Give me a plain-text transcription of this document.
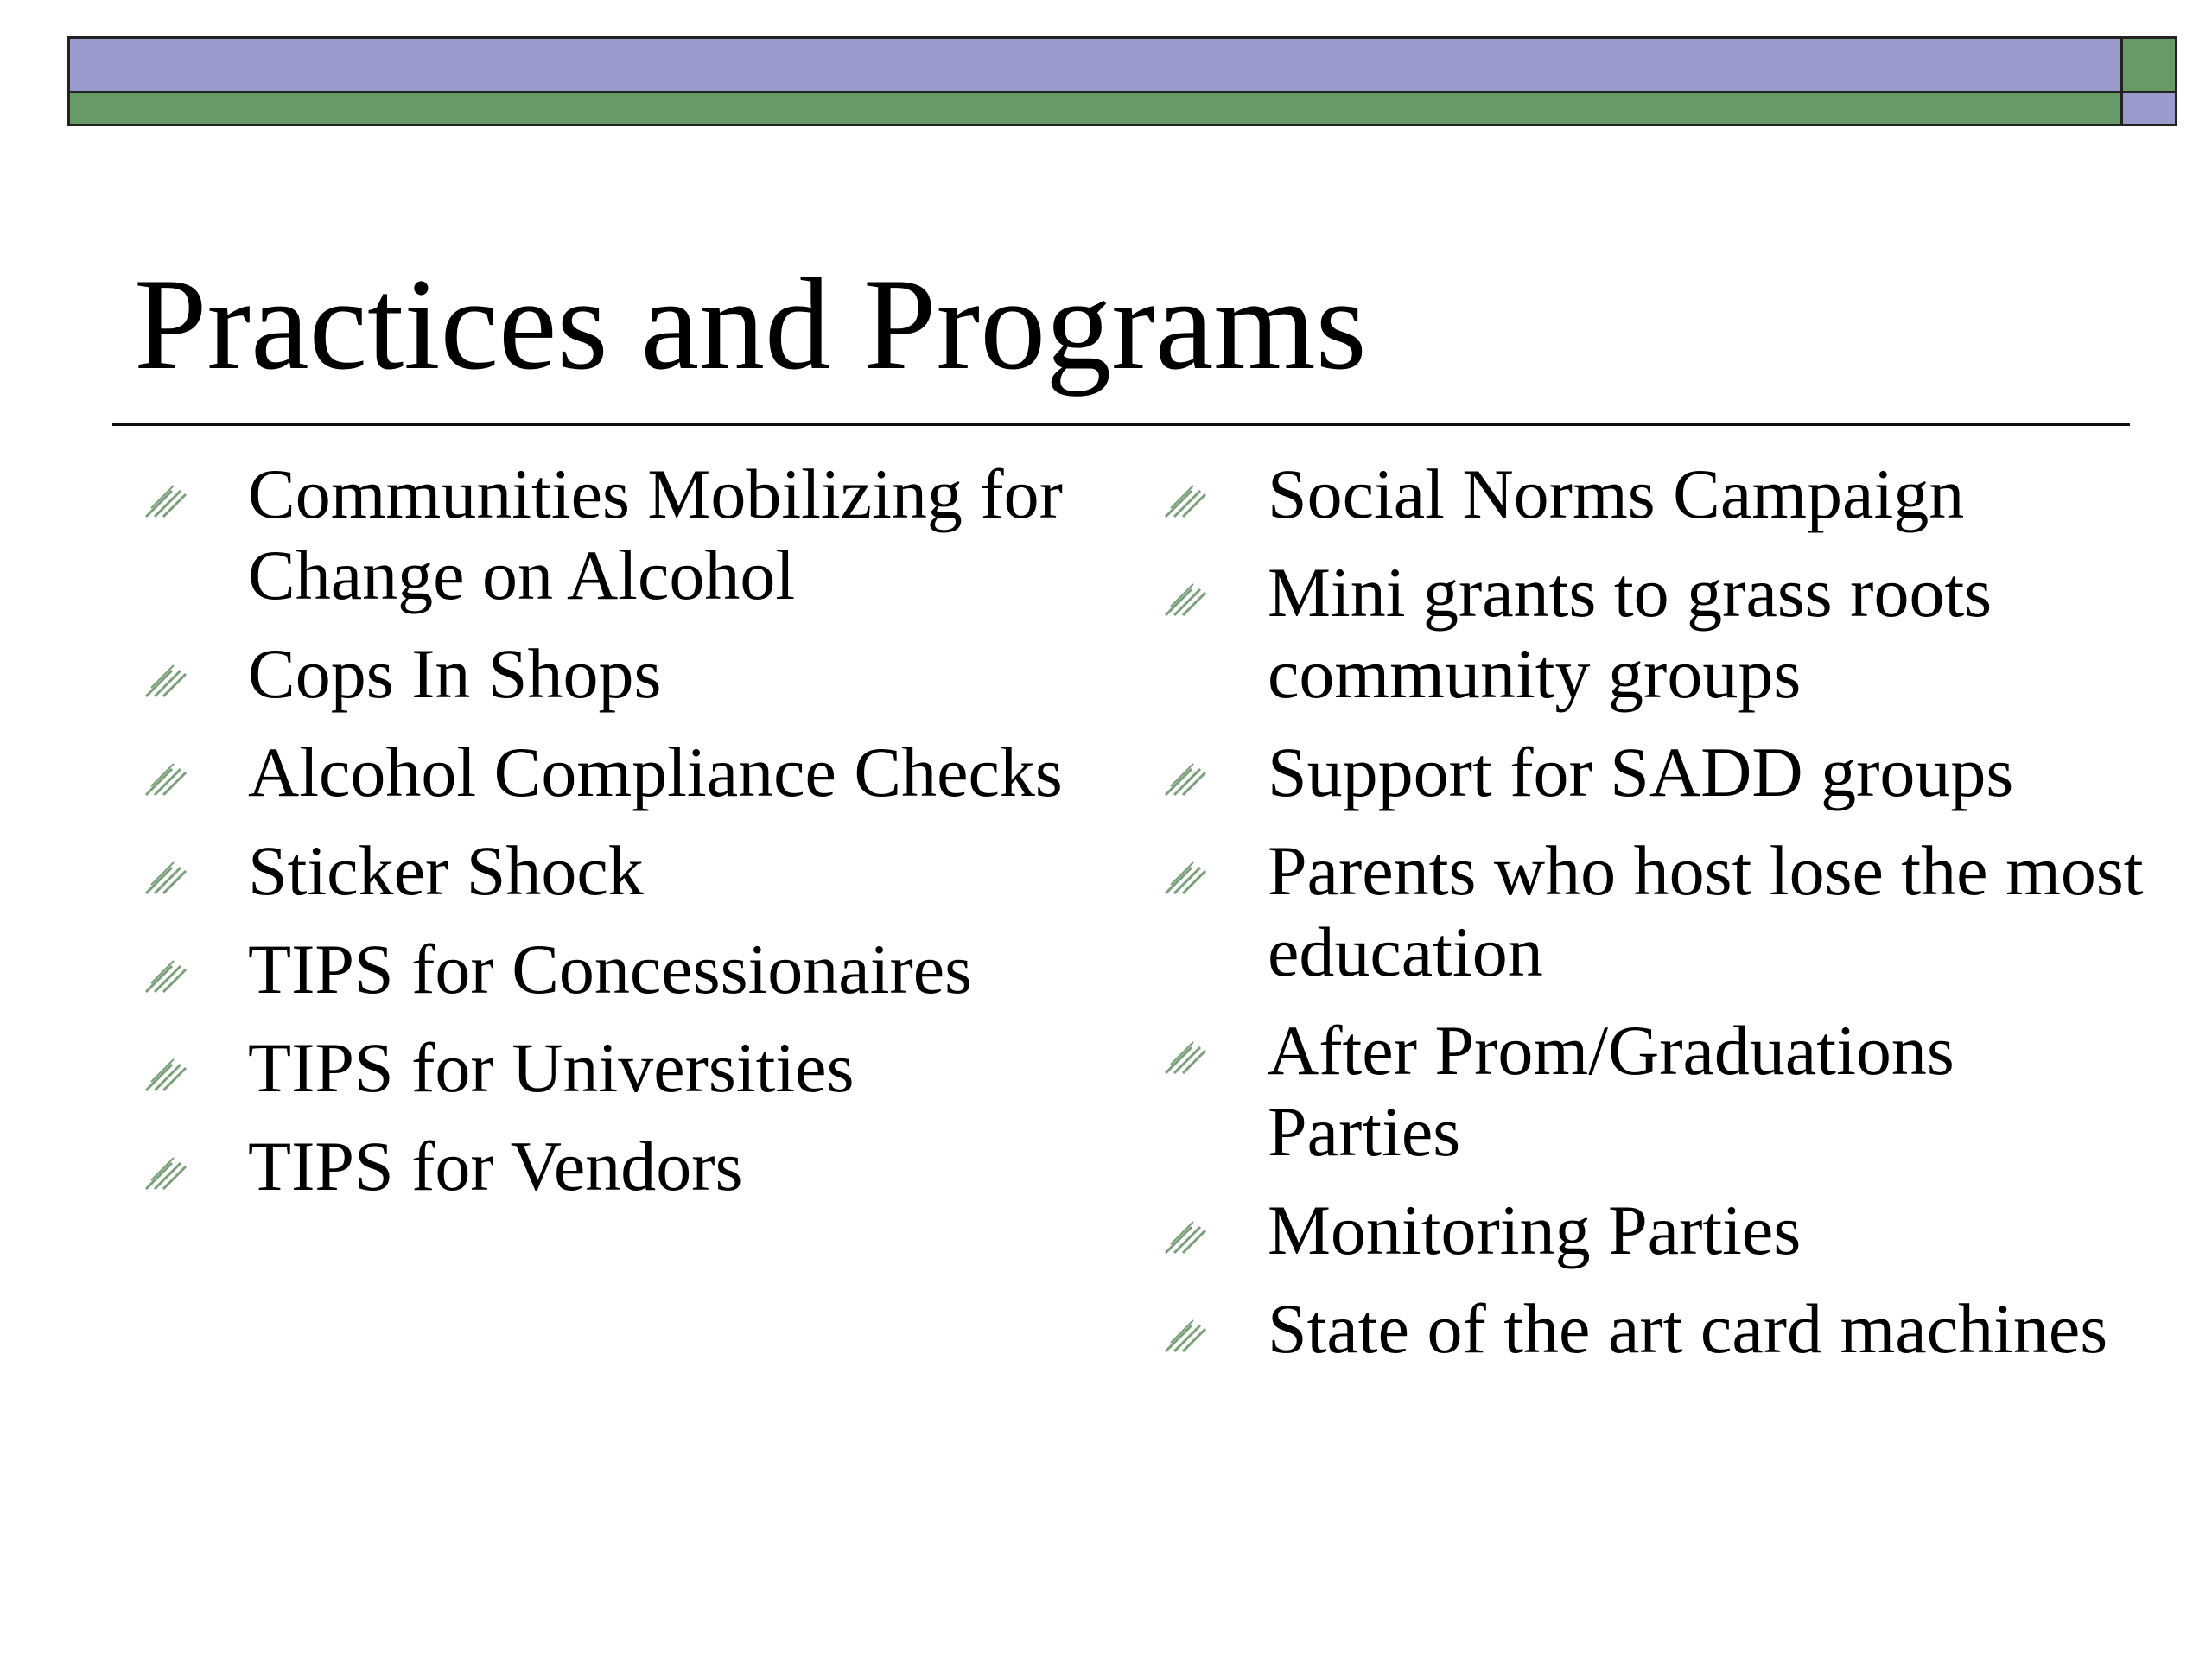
Practices and Programs
Communities Mobilizing for Change on Alcohol
Cops In Shops
Alcohol Compliance Checks
Sticker Shock
TIPS for Concessionaires
TIPS for Universities
TIPS for Vendors
Social Norms Campaign
Mini grants to grass roots community groups
Support for SADD groups
Parents who host lose the most education
After Prom/Graduations Parties
Monitoring Parties
State of the art card machines
